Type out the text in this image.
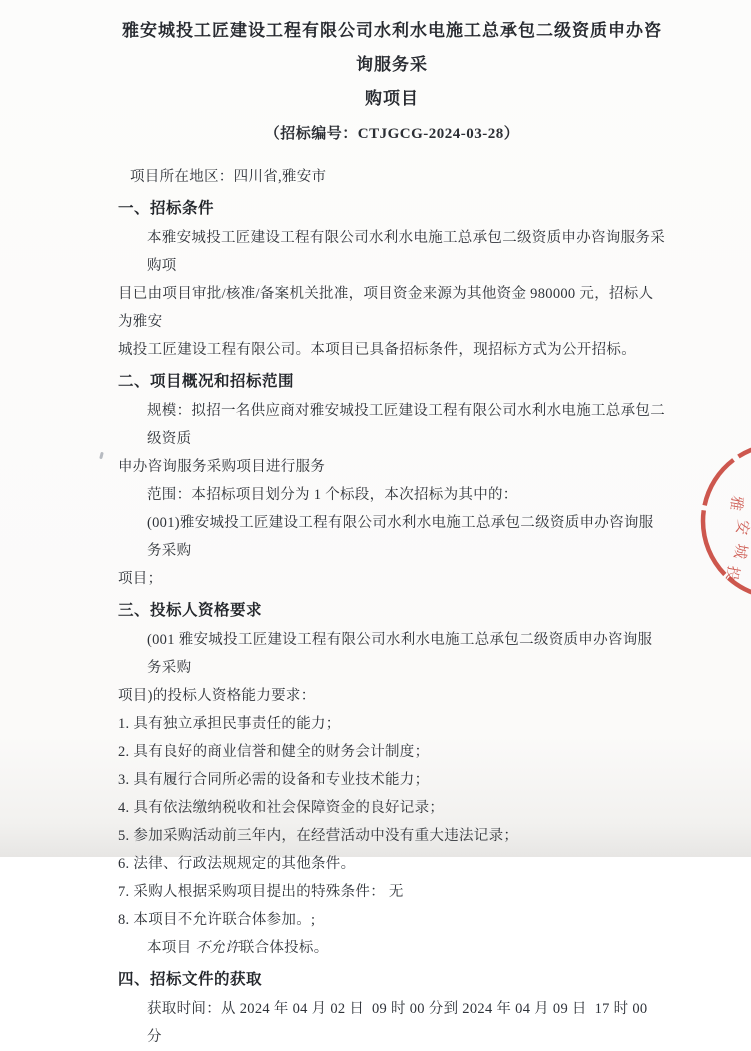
雅安城投工匠建设工程有限公司水利水电施工总承包二级资质申办咨询服务采
购项目
（招标编号：CTJGCG-2024-03-28）
项目所在地区：四川省,雅安市
一、招标条件
本雅安城投工匠建设工程有限公司水利水电施工总承包二级资质申办咨询服务采购项
目已由项目审批/核准/备案机关批准，项目资金来源为其他资金 980000 元，招标人为雅安
城投工匠建设工程有限公司。本项目已具备招标条件，现招标方式为公开招标。
二、项目概况和招标范围
规模：拟招一名供应商对雅安城投工匠建设工程有限公司水利水电施工总承包二级资质
申办咨询服务采购项目进行服务
范围：本招标项目划分为 1 个标段，本次招标为其中的：
(001)雅安城投工匠建设工程有限公司水利水电施工总承包二级资质申办咨询服务采购
项目；
三、投标人资格要求
(001 雅安城投工匠建设工程有限公司水利水电施工总承包二级资质申办咨询服务采购
项目)的投标人资格能力要求：
1. 具有独立承担民事责任的能力；
2. 具有良好的商业信誉和健全的财务会计制度；
3. 具有履行合同所必需的设备和专业技术能力；
4. 具有依法缴纳税收和社会保障资金的良好记录；
5. 参加采购活动前三年内，在经营活动中没有重大违法记录；
6. 法律、行政法规规定的其他条件。
7. 采购人根据采购项目提出的特殊条件： 无
8. 本项目不允许联合体参加。;
本项目 不允许联合体投标。
四、招标文件的获取
获取时间：从 2024 年 04 月 02 日  09 时 00 分到 2024 年 04 月 09 日  17 时 00 分
雅
安
城
投
